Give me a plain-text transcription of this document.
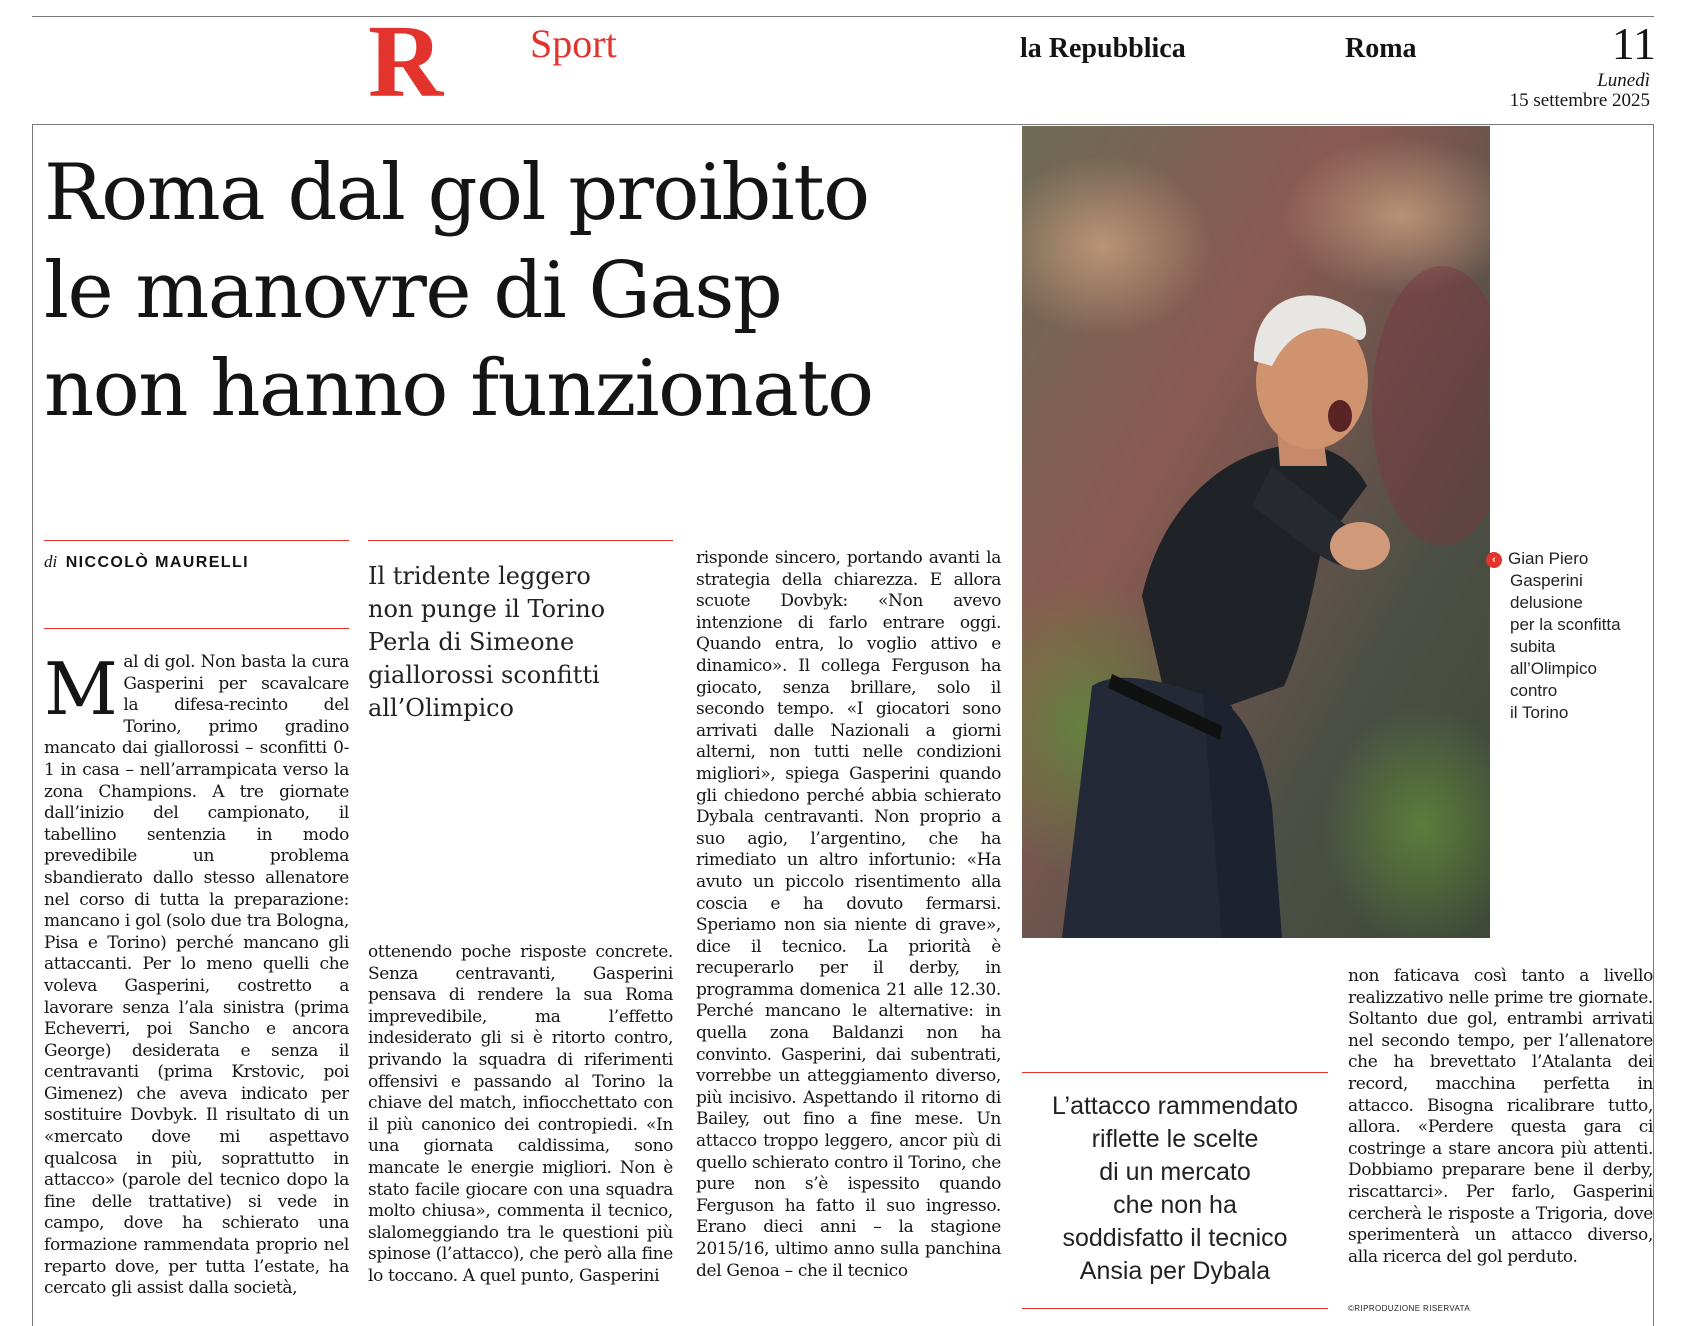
R Sport	la Repubblica	Roma	11
Lunedì
15 settembre 2025
Roma dal gol proibito
le manovre di Gasp
non hanno funzionato
di NICCOLÒ MAURELLI	Il tridente leggero
non punge il Torino
Perla di Simeone
giallorossi sconfitti
all’Olimpico
M al di gol. Non basta la cura Gasperini per scavalcare la difesa-recinto del Torino, primo gradino mancato dai giallorossi – sconfitti 0-1 in casa – nell’arrampicata verso la zona Champions. A tre giornate dall’inizio del campionato, il tabellino sentenzia in modo prevedibile un problema sbandierato dallo stesso allenatore nel corso di tutta la preparazione: mancano i gol (solo due tra Bologna, Pisa e Torino) perché mancano gli attaccanti. Per lo meno quelli che voleva Gasperini, costretto a lavorare senza l’ala sinistra (prima Echeverri, poi Sancho e ancora George) desiderata e senza il centravanti (prima Krstovic, poi Gimenez) che aveva indicato per sostituire Dovbyk. Il risultato di un «mercato dove mi aspettavo qualcosa in più, soprattutto in attacco» (parole del tecnico dopo la fine delle trattative) si vede in campo, dove ha schierato una formazione rammendata proprio nel reparto dove, per tutta l’estate, ha cercato gli assist dalla società,

ottenendo poche risposte concrete. Senza centravanti, Gasperini pensava di rendere la sua Roma imprevedibile, ma l’effetto indesiderato gli si è ritorto contro, privando la squadra di riferimenti offensivi e passando al Torino la chiave del match, infiocchettato con il più canonico dei contropiedi. «In una giornata caldissima, sono mancate le energie migliori. Non è stato facile giocare con una squadra molto chiusa», commenta il tecnico, slalomeggiando tra le questioni più spinose (l’attacco), che però alla fine lo toccano. A quel punto, Gasperini

risponde sincero, portando avanti la strategia della chiarezza. E allora scuote Dovbyk: «Non avevo intenzione di farlo entrare oggi. Quando entra, lo voglio attivo e dinamico». Il collega Ferguson ha giocato, senza brillare, solo il secondo tempo. «I giocatori sono arrivati dalle Nazionali a giorni alterni, non tutti nelle condizioni migliori», spiega Gasperini quando gli chiedono perché abbia schierato Dybala centravanti. Non proprio a suo agio, l’argentino, che ha rimediato un altro infortunio: «Ha avuto un piccolo risentimento alla coscia e ha dovuto fermarsi. Speriamo non sia niente di grave», dice il tecnico. La priorità è recuperarlo per il derby, in programma domenica 21 alle 12.30. Perché mancano le alternative: in quella zona Baldanzi non ha convinto. Gasperini, dai subentrati, vorrebbe un atteggiamento diverso, più incisivo. Aspettando il ritorno di Bailey, out fino a fine mese. Un attacco troppo leggero, ancor più di quello schierato contro il Torino, che pure non s’è ispessito quando Ferguson ha fatto il suo ingresso. Erano dieci anni – la stagione 2015/16, ultimo anno sulla panchina del Genoa – che il tecnico

‹ Gian Piero
Gasperini
delusione
per la sconfitta
subita
all’Olimpico
contro
il Torino
L’attacco rammendato
riflette le scelte
di un mercato
che non ha
soddisfatto il tecnico
Ansia per Dybala

non faticava così tanto a livello realizzativo nelle prime tre giornate. Soltanto due gol, entrambi arrivati nel secondo tempo, per l’allenatore che ha brevettato l’Atalanta dei record, macchina perfetta in attacco. Bisogna ricalibrare tutto, allora. «Perdere questa gara ci costringe a stare ancora più attenti. Dobbiamo preparare bene il derby, riscattarci». Per farlo, Gasperini cercherà le risposte a Trigoria, dove sperimenterà un attacco diverso, alla ricerca del gol perduto.

©RIPRODUZIONE RISERVATA
